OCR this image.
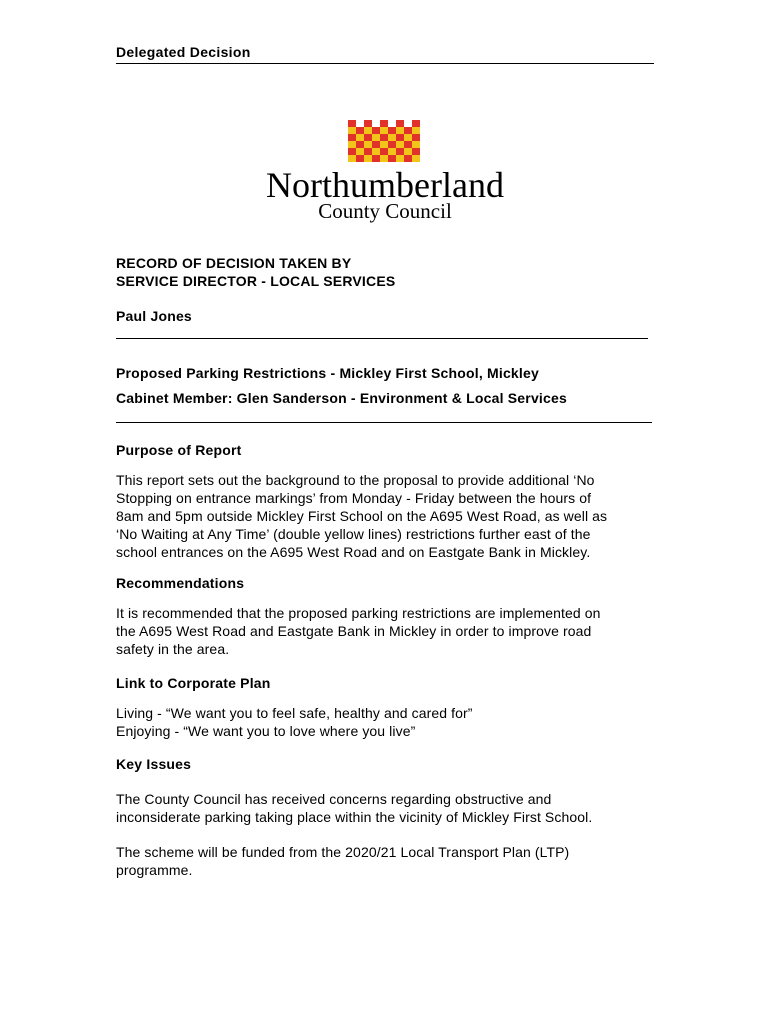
Delegated Decision
Northumberland
County Council
RECORD OF DECISION TAKEN BY
SERVICE DIRECTOR - LOCAL SERVICES
Paul Jones
Proposed Parking Restrictions - Mickley First School, Mickley
Cabinet Member: Glen Sanderson - Environment & Local Services
Purpose of Report
This report sets out the background to the proposal to provide additional ‘No
Stopping on entrance markings’ from Monday - Friday between the hours of
8am and 5pm outside Mickley First School on the A695 West Road, as well as
‘No Waiting at Any Time’ (double yellow lines) restrictions further east of the
school entrances on the A695 West Road and on Eastgate Bank in Mickley.
Recommendations
It is recommended that the proposed parking restrictions are implemented on
the A695 West Road and Eastgate Bank in Mickley in order to improve road
safety in the area.
Link to Corporate Plan
Living - “We want you to feel safe, healthy and cared for”
Enjoying - “We want you to love where you live”
Key Issues
The County Council has received concerns regarding obstructive and
inconsiderate parking taking place within the vicinity of Mickley First School.
The scheme will be funded from the 2020/21 Local Transport Plan (LTP)
programme.
